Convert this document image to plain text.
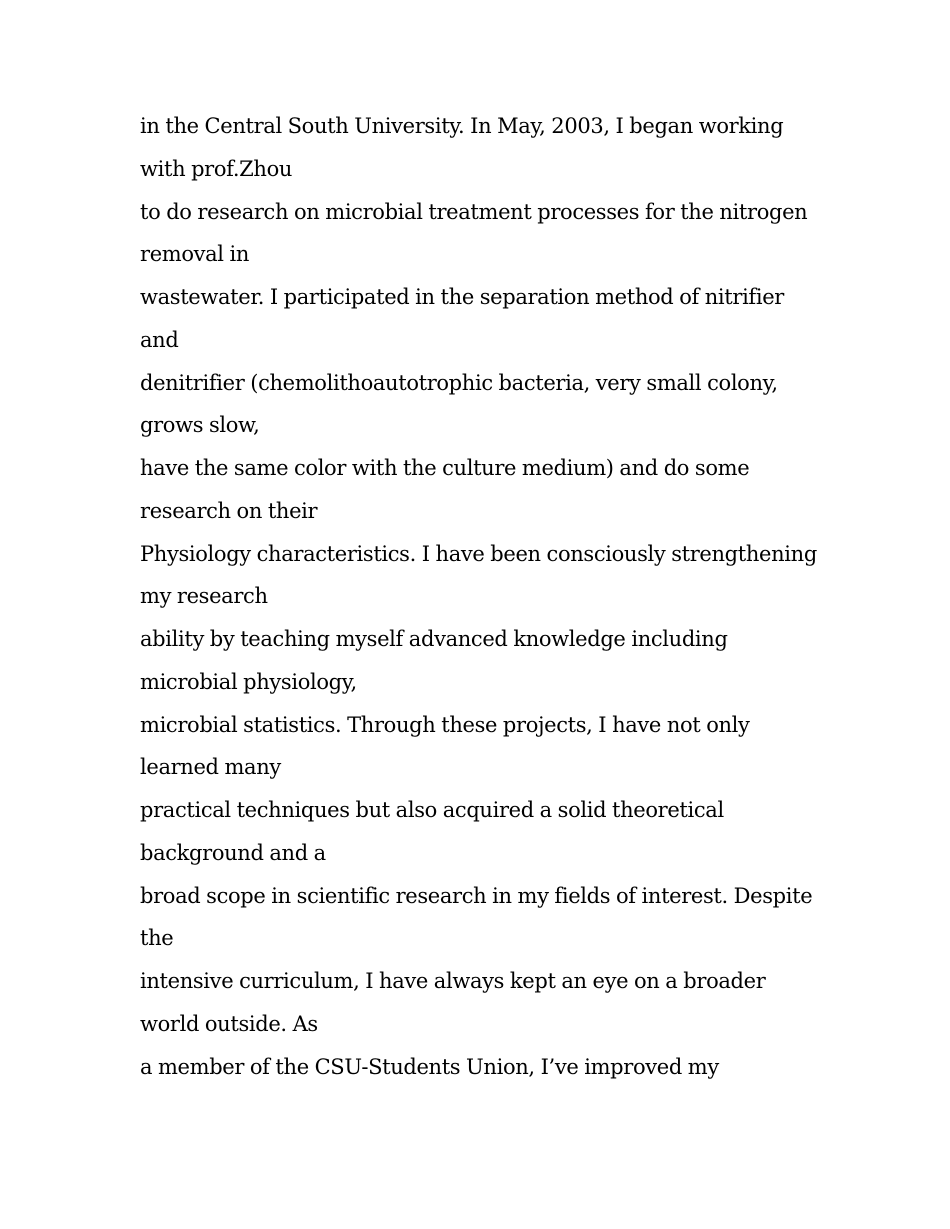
in the Central South University. In May, 2003, I began working
with prof.Zhou
to do research on microbial treatment processes for the nitrogen
removal in
wastewater. I participated in the separation method of nitrifier
and
denitrifier (chemolithoautotrophic bacteria, very small colony,
grows slow,
have the same color with the culture medium) and do some
research on their
Physiology characteristics. I have been consciously strengthening
my research
ability by teaching myself advanced knowledge including
microbial physiology,
microbial statistics. Through these projects, I have not only
learned many
practical techniques but also acquired a solid theoretical
background and a
broad scope in scientific research in my fields of interest. Despite
the
intensive curriculum, I have always kept an eye on a broader
world outside. As
a member of the CSU-Students Union, I’ve improved my
